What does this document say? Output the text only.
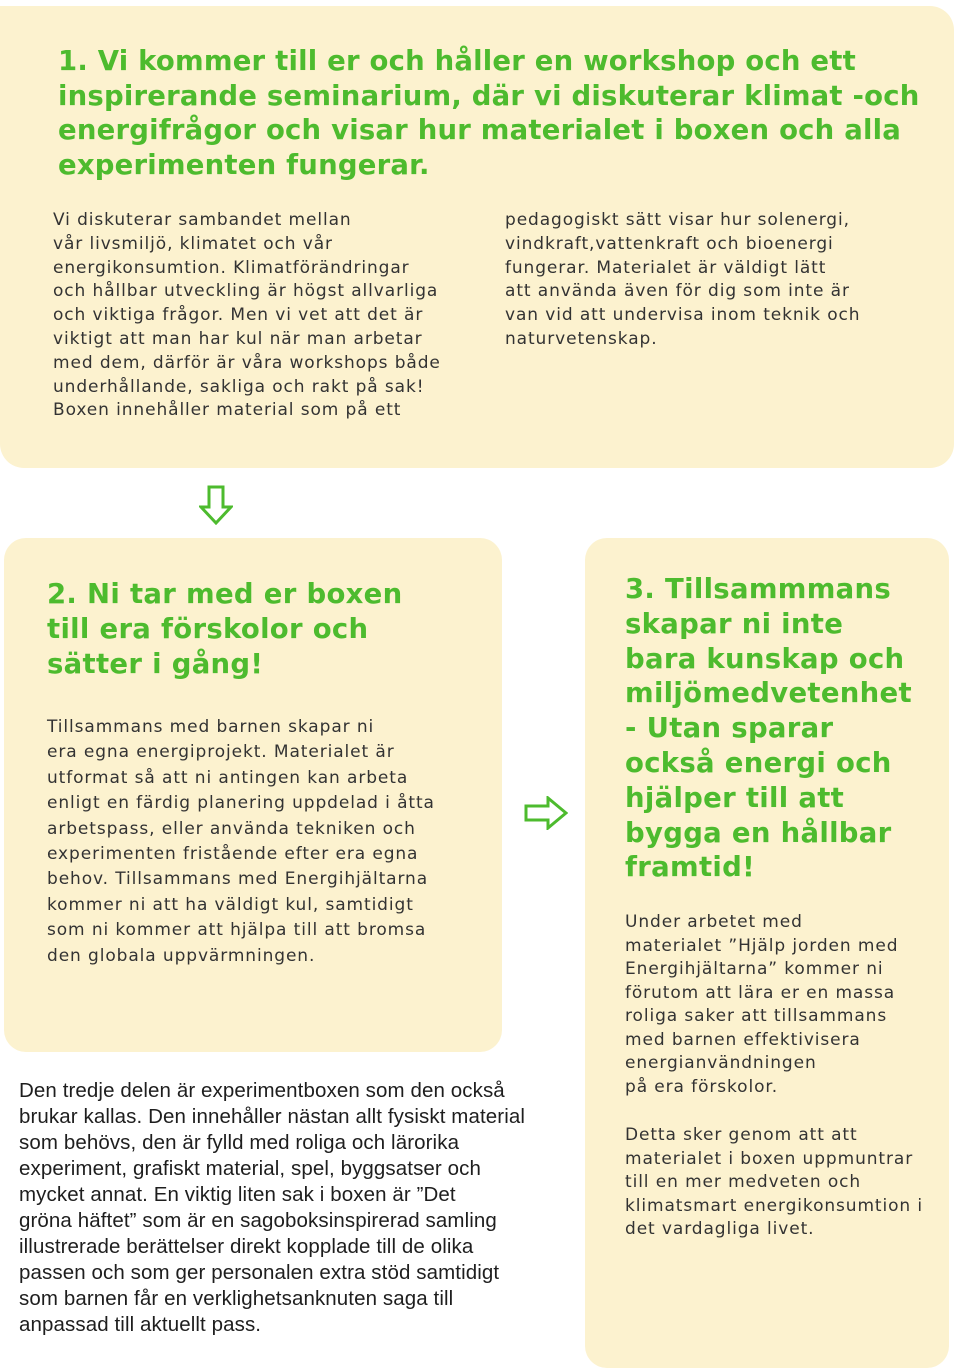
1. Vi kommer till er och håller en workshop och ett
inspirerande seminarium, där vi diskuterar klimat -och
energifrågor och visar hur materialet i boxen och alla
experimenten fungerar.

Vi diskuterar sambandet mellan
vår livsmiljö, klimatet och vår
energikonsumtion. Klimatförändringar
och hållbar utveckling är högst allvarliga
och viktiga frågor. Men vi vet att det är
viktigt att man har kul när man arbetar
med dem, därför är våra workshops både
underhållande, sakliga och rakt på sak!
Boxen innehåller material som på ett

pedagogiskt sätt visar hur solenergi,
vindkraft,vattenkraft och bioenergi
fungerar. Materialet är väldigt lätt
att använda även för dig som inte är
van vid att undervisa inom teknik och
naturvetenskap.

2. Ni tar med er boxen
till era förskolor och
sätter i gång!

Tillsammans med barnen skapar ni
era egna energiprojekt. Materialet är
utformat så att ni antingen kan arbeta
enligt en färdig planering uppdelad i åtta
arbetspass, eller använda tekniken och
experimenten fristående efter era egna
behov. Tillsammans med Energihjältarna
kommer ni att ha väldigt kul, samtidigt
som ni kommer att hjälpa till att bromsa
den globala uppvärmningen.

3. Tillsammmans
skapar ni inte
bara kunskap och
miljömedvetenhet
- Utan sparar
också energi och
hjälper till att
bygga en hållbar
framtid!

Under arbetet med
materialet ”Hjälp jorden med
Energihjältarna” kommer ni
förutom att lära er en massa
roliga saker att tillsammans
med barnen effektivisera
energianvändningen
på era förskolor.

Detta sker genom att att
materialet i boxen uppmuntrar
till en mer medveten och
klimatsmart energikonsumtion i
det vardagliga livet.

Den tredje delen är experimentboxen som den också
brukar kallas. Den innehåller nästan allt fysiskt material
som behövs, den är fylld med roliga och lärorika
experiment, grafiskt material, spel, byggsatser och
mycket annat. En viktig liten sak i boxen är ”Det
gröna häftet” som är en sagoboksinspirerad samling
illustrerade berättelser direkt kopplade till de olika
passen och som ger personalen extra stöd samtidigt
som barnen får en verklighetsanknuten saga till
anpassad till aktuellt pass.
